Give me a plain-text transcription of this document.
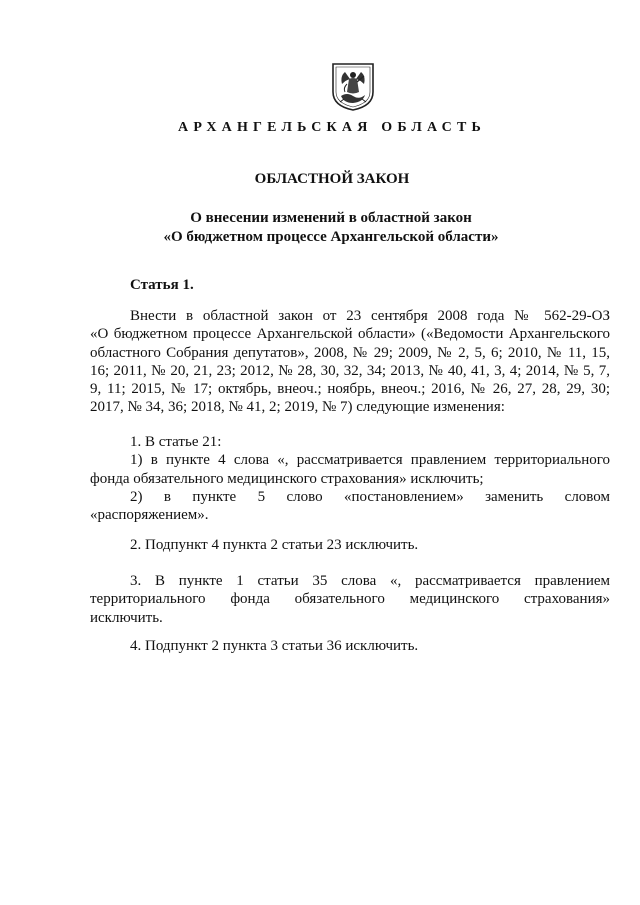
АРХАНГЕЛЬСКАЯ ОБЛАСТЬ
ОБЛАСТНОЙ ЗАКОН
О внесении изменений в областной закон
«О бюджетном процессе Архангельской области»
Статья 1.
Внести в областной закон от 23 сентября 2008 года № 562-29-ОЗ
«О бюджетном процессе Архангельской области» («Ведомости Архангельского
областного Собрания депутатов», 2008, № 29; 2009, № 2, 5, 6; 2010, № 11, 15,
16; 2011, № 20, 21, 23; 2012, № 28, 30, 32, 34; 2013, № 40, 41, 3, 4; 2014, № 5, 7,
9, 11; 2015, № 17; октябрь, внеоч.; ноябрь, внеоч.; 2016, № 26, 27, 28, 29, 30;
2017, № 34, 36; 2018, № 41, 2; 2019, № 7) следующие изменения:
1. В статье 21:
1) в пункте 4 слова «, рассматривается правлением территориального
фонда обязательного медицинского страхования» исключить;
2) в пункте 5 слово «постановлением» заменить словом
«распоряжением».
2. Подпункт 4 пункта 2 статьи 23 исключить.
3. В пункте 1 статьи 35 слова «, рассматривается правлением
территориального фонда обязательного медицинского страхования»
исключить.
4. Подпункт 2 пункта 3 статьи 36 исключить.
